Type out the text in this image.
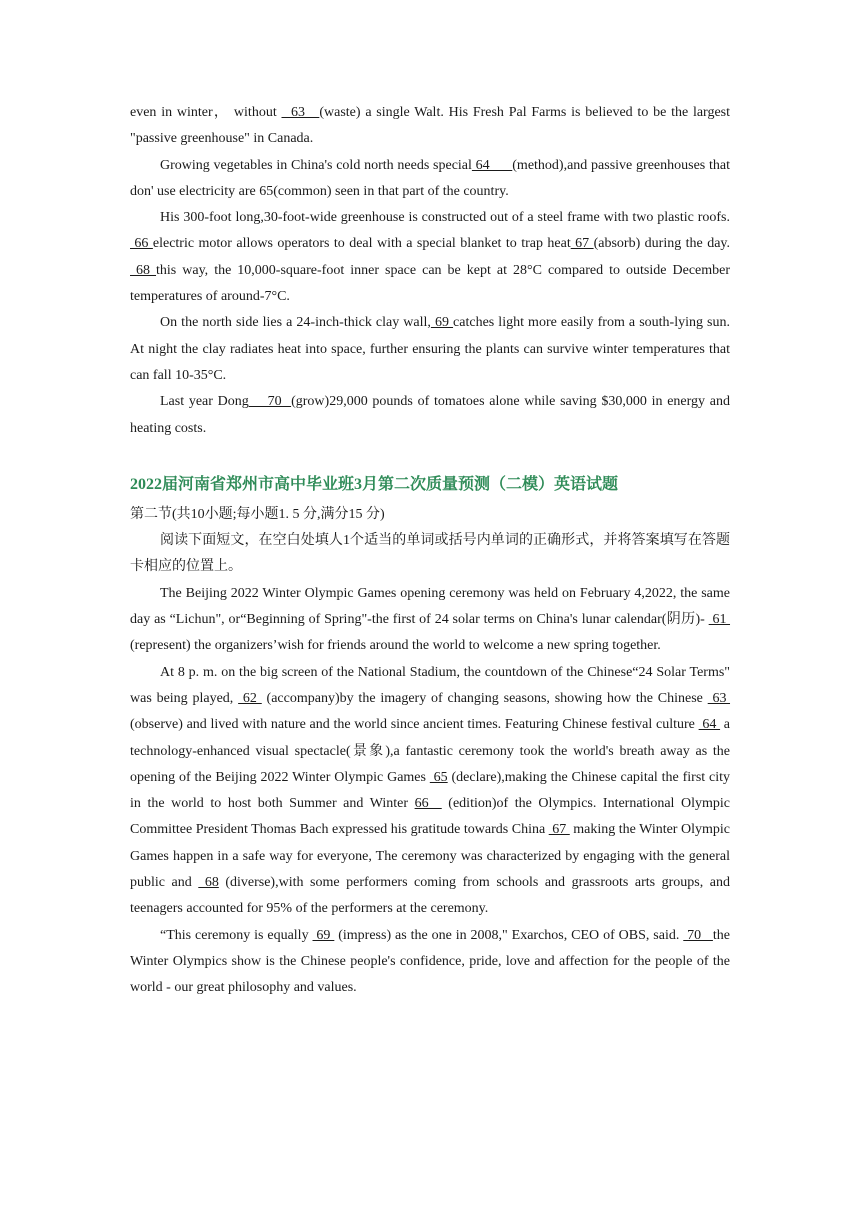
even in winter， without   63   (waste) a single Walt. His Fresh Pal Farms is believed to be the largest "passive greenhouse" in Canada.

Growing vegetables in China's cold north needs special 64      (method),and passive greenhouses that don' use electricity are 65(common) seen in that part of the country.

His 300-foot long,30-foot-wide greenhouse is constructed out of a steel frame with two plastic roofs.  66 electric motor allows operators to deal with a special blanket to trap heat 67 (absorb) during the day.  68 this way, the 10,000-square-foot inner space can be kept at 28°C compared to outside December temperatures of around-7°C.

On the north side lies a 24-inch-thick clay wall, 69 catches light more easily from a south-lying sun. At night the clay radiates heat into space, further ensuring the plants can survive winter temperatures that can fall 10-35°C.

Last year Dong    70  (grow)29,000 pounds of tomatoes alone while saving $30,000 in energy and heating costs.

2022届河南省郑州市高中毕业班3月第二次质量预测（二模）英语试题

第二节(共10小题;每小题1. 5 分,满分15 分)

阅读下面短文，在空白处填人1个适当的单词或括号内单词的正确形式，并将答案填写在答题卡相应的位置上。

The Beijing 2022 Winter Olympic Games opening ceremony was held on February 4,2022, the same day as “Lichun", or“Beginning of Spring"-the first of 24 solar terms on China's lunar calendar(阴历)-  61  (represent) the organizers’wish for friends around the world to welcome a new spring together.

At 8 p. m. on the big screen of the National Stadium, the countdown of the Chinese“24 Solar Terms" was being played,  62  (accompany)by the imagery of changing seasons, showing how the Chinese  63  (observe) and lived with nature and the world since ancient times. Featuring Chinese festival culture  64  a technology-enhanced visual spectacle(景象),a fantastic ceremony took the world's breath away as the opening of the Beijing 2022 Winter Olympic Games  65 (declare),making the Chinese capital the first city in the world to host both Summer and Winter 66   (edition)of the Olympics. International Olympic Committee President Thomas Bach expressed his gratitude towards China  67  making the Winter Olympic Games happen in a safe way for everyone, The ceremony was characterized by engaging with the general public and  68 (diverse),with some performers coming from schools and grassroots arts groups, and teenagers accounted for 95% of the performers at the ceremony.

“This ceremony is equally  69  (impress) as the one in 2008," Exarchos, CEO of OBS, said.  70   the Winter Olympics show is the Chinese people's confidence, pride, love and affection for the people of the world - our great philosophy and values.
